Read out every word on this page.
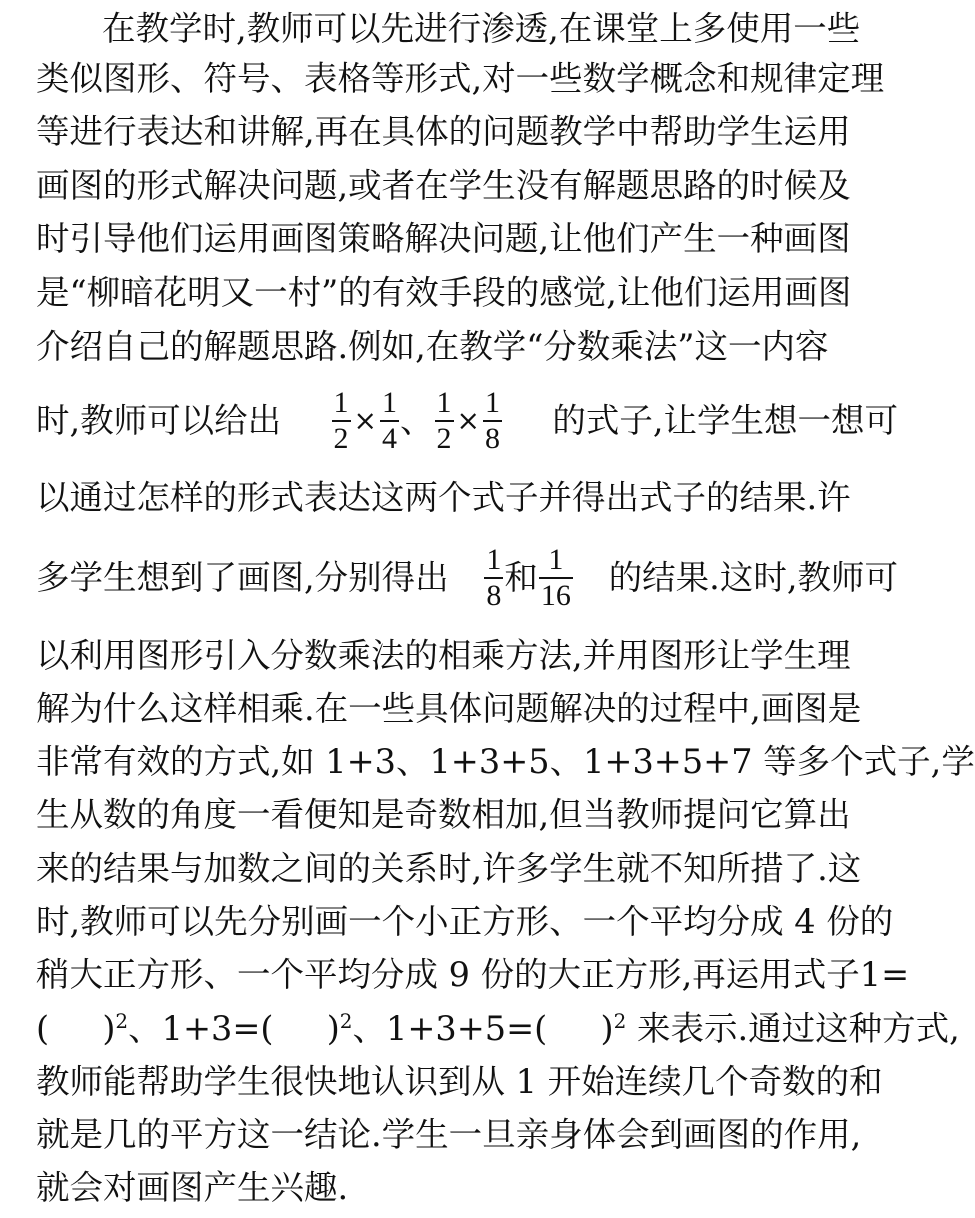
在教学时,教师可以先进行渗透,在课堂上多使用一些
类似图形、符号、表格等形式,对一些数学概念和规律定理
等进行表达和讲解,再在具体的问题教学中帮助学生运用
画图的形式解决问题,或者在学生没有解题思路的时候及
时引导他们运用画图策略解决问题,让他们产生一种画图
是“柳暗花明又一村”的有效手段的感觉,让他们运用画图
介绍自己的解题思路.例如,在教学“分数乘法”这一内容
时,教师可以给出 $\frac{1}{2} \times \frac{1}{4}$ 、 $\frac{1}{2} \times \frac{1}{8}$ 的式子,让学生想一想可
以通过怎样的形式表达这两个式子并得出式子的结果.许
多学生想到了画图,分别得出 $\frac{1}{8}$ 和 $\frac{1}{16}$ 的结果.这时,教师可
以利用图形引入分数乘法的相乘方法,并用图形让学生理
解为什么这样相乘.在一些具体问题解决的过程中,画图是
非常有效的方式,如 1+3、1+3+5、1+3+5+7 等多个式子,学
生从数的角度一看便知是奇数相加,但当教师提问它算出
来的结果与加数之间的关系时,许多学生就不知所措了.这
时,教师可以先分别画一个小正方形、一个平均分成 4 份的
稍大正方形、一个平均分成 9 份的大正方形,再运用式子1=
(     )$^2$ 、1+3=(     )$^2$ 、1+3+5=(     )$^2$ 来表示.通过这种方式,
教师能帮助学生很快地认识到从 1 开始连续几个奇数的和
就是几的平方这一结论.学生一旦亲身体会到画图的作用,
就会对画图产生兴趣.
